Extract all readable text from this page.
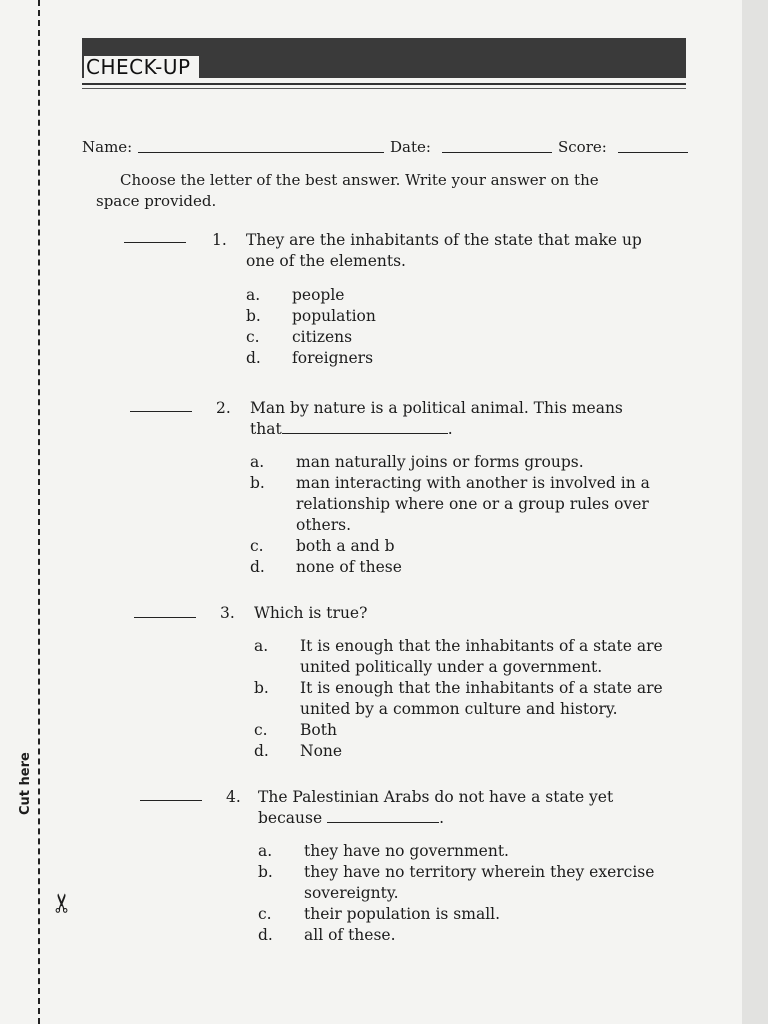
Cut here
✂
CHECK-UP
Name:	Date:	Score:
Choose the letter of the best answer. Write your answer on the
space provided.
1. They are the inhabitants of the state that make up
one of the elements.
a.	people
b.	population
c.	citizens
d.	foreigners
2. Man by nature is a political animal. This means
that	.
a.	man naturally joins or forms groups.
b.	man interacting with another is involved in a relationship where one or a group rules over others.
c.	both a and b
d.	none of these
3. Which is true?
a.	It is enough that the inhabitants of a state are united politically under a government.
b.	It is enough that the inhabitants of a state are united by a common culture and history.
c.	Both
d.	None
4. The Palestinian Arabs do not have a state yet
because	.
a.	they have no government.
b.	they have no territory wherein they exercise sovereignty.
c.	their population is small.
d.	all of these.
